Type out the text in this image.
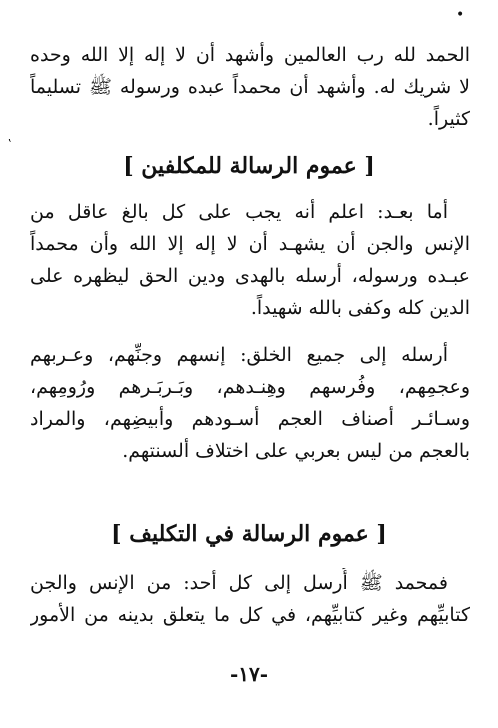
•
‛
الحمد لله رب العالمين وأشهد أن لا إله إلا الله وحده
لا شريك له. وأشهد أن محمداً عبده ورسوله ﷺ تسليماً
كثيراً.
[ عموم الرسالة للمكلفين ]
أما بعـد: اعلم أنه يجب على كل بالغ عاقل من
الإنس والجن أن يشهـد أن لا إله إلا الله وأن محمداً
عبـده ورسوله، أرسله بالهدى ودين الحق ليظهره على
الدين كله وكفى بالله شهيداً.
أرسله إلى جميع الخلق: إنسهم وجنِّهم، وعـربهم
وعجمِهم، وفُرسهم وهِنـدهم، وبَـربَـرهم ورُومِهم،
وسـائـر أصناف العجم أسـودهم وأبيضِهم، والمراد
بالعجم من ليس بعربي على اختلاف ألسنتهم.
[ عموم الرسالة في التكليف ]
فمحمد ﷺ أُرسل إلى كل أحد: من الإنس والجن
كتابيِّهم وغير كتابيِّهم، في كل ما يتعلق بدينه من الأمور
-١٧-
